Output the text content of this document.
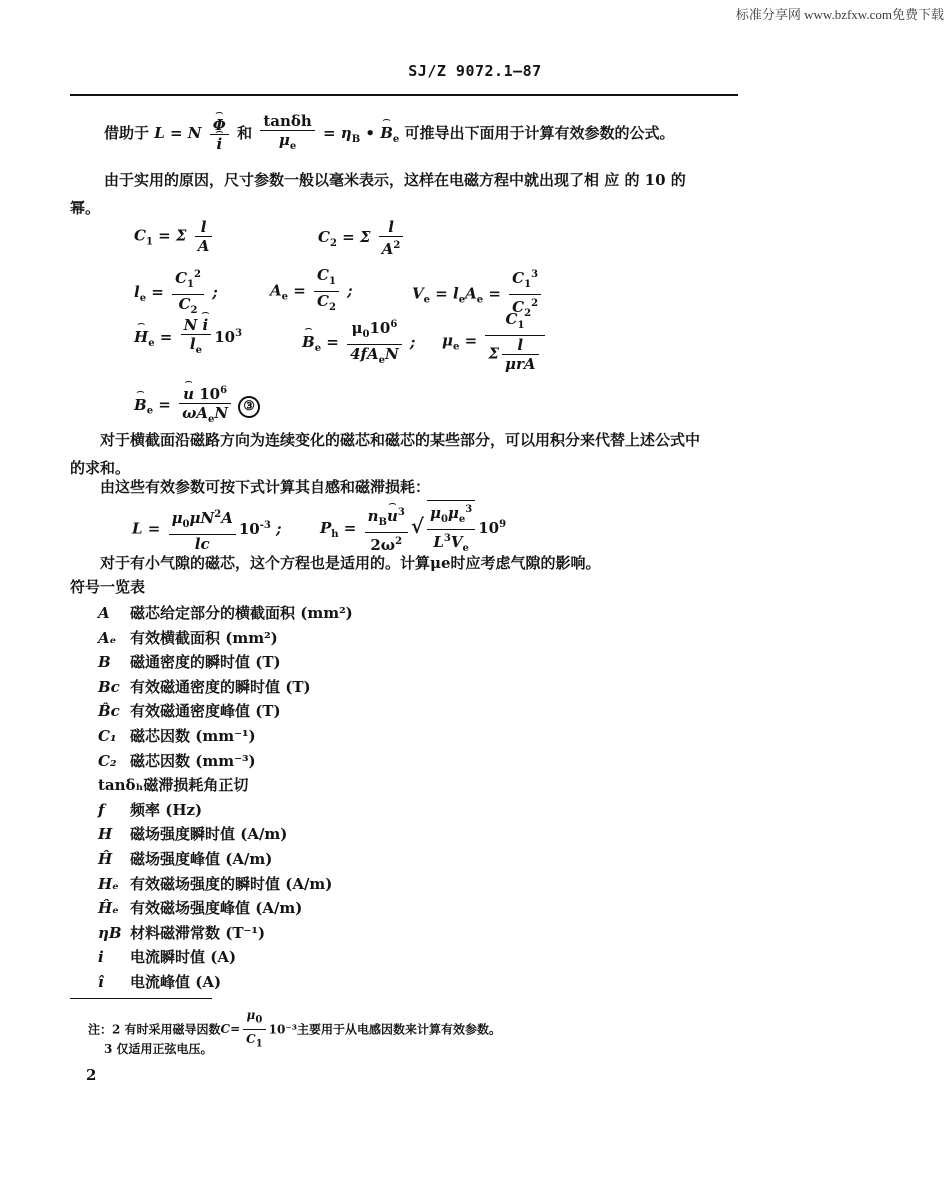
标准分享网 www.bzfxw.com免费下载
SJ/Z 9072.1—87
借助于 L = N ⌢ Φ
⌢ i 和 $\frac{\tan\delta h}{\mu_e} = \eta_B$ • ⌢ $B_e$ 可推导出下面用于计算有效参数的公式。
由于实用的原因，尺寸参数一般以毫米表示，这样在电磁方程中就出现了相 应 的 10 的幂。
$C_1 = \Sigma \frac{l}{A}$	$C_2 = \Sigma \frac{l}{A^2}$
$l_e = \frac{C_1^2}{C_2}$ ;	$A_e = \frac{C_1}{C_2}$ ;	$V_e = l_eA_e = \frac{C_1^3}{C_2^2}$
⌢ $H_e = \frac{N ⌢ i}{l_e} 10^3$	⌢ $B_e = \frac{\mu_010^6}{4fA_eN}$ ; $\mu_e = \frac{C_1}{\Sigma \frac{l}{\text{μrA}}}$
⌢ $B_e$ = ⌢ $\frac{u 10^6}{\omega A_eN}$ ③
对于横截面沿磁路方向为连续变化的磁芯和磁芯的某些部分，可以用积分来代替上述公式中的求和。
由这些有效参数可按下式计算其自感和磁滞损耗：
$L = \frac{\mu_0\mu N^2A}{lc} 10^{-3}$ ;	$P_h = \frac{n_B⌢ u^3}{2\omega^2}$ √ $\frac{\mu_0\mu_e^3}{L^3V_e} 10^9$
对于有小气隙的磁芯，这个方程也是适用的。计算μe时应考虑气隙的影响。
符号一览表
A 磁芯给定部分的横截面积 (mm²)
Aₑ 有效横截面积 (mm²)
B 磁通密度的瞬时值 (T)
Bc 有效磁通密度的瞬时值 (T)
B̂c 有效磁通密度峰值 (T)
C₁ 磁芯因数 (mm⁻¹)
C₂ 磁芯因数 (mm⁻³)
tanδₕ磁滞损耗角正切
f 频率 (Hz)
H 磁场强度瞬时值 (A/m)
Ĥ 磁场强度峰值 (A/m)
Hₑ 有效磁场强度的瞬时值 (A/m)
Ĥₑ 有效磁场强度峰值 (A/m)
ηB 材料磁滞常数 (T⁻¹)
i 电流瞬时值 (A)
î 电流峰值 (A)
注：2 有时采用磁导因数$C= \frac{\mu_0}{C_1} 10^{-3}$主要用于从电感因数来计算有效参数。
3 仅适用正弦电压。
2
